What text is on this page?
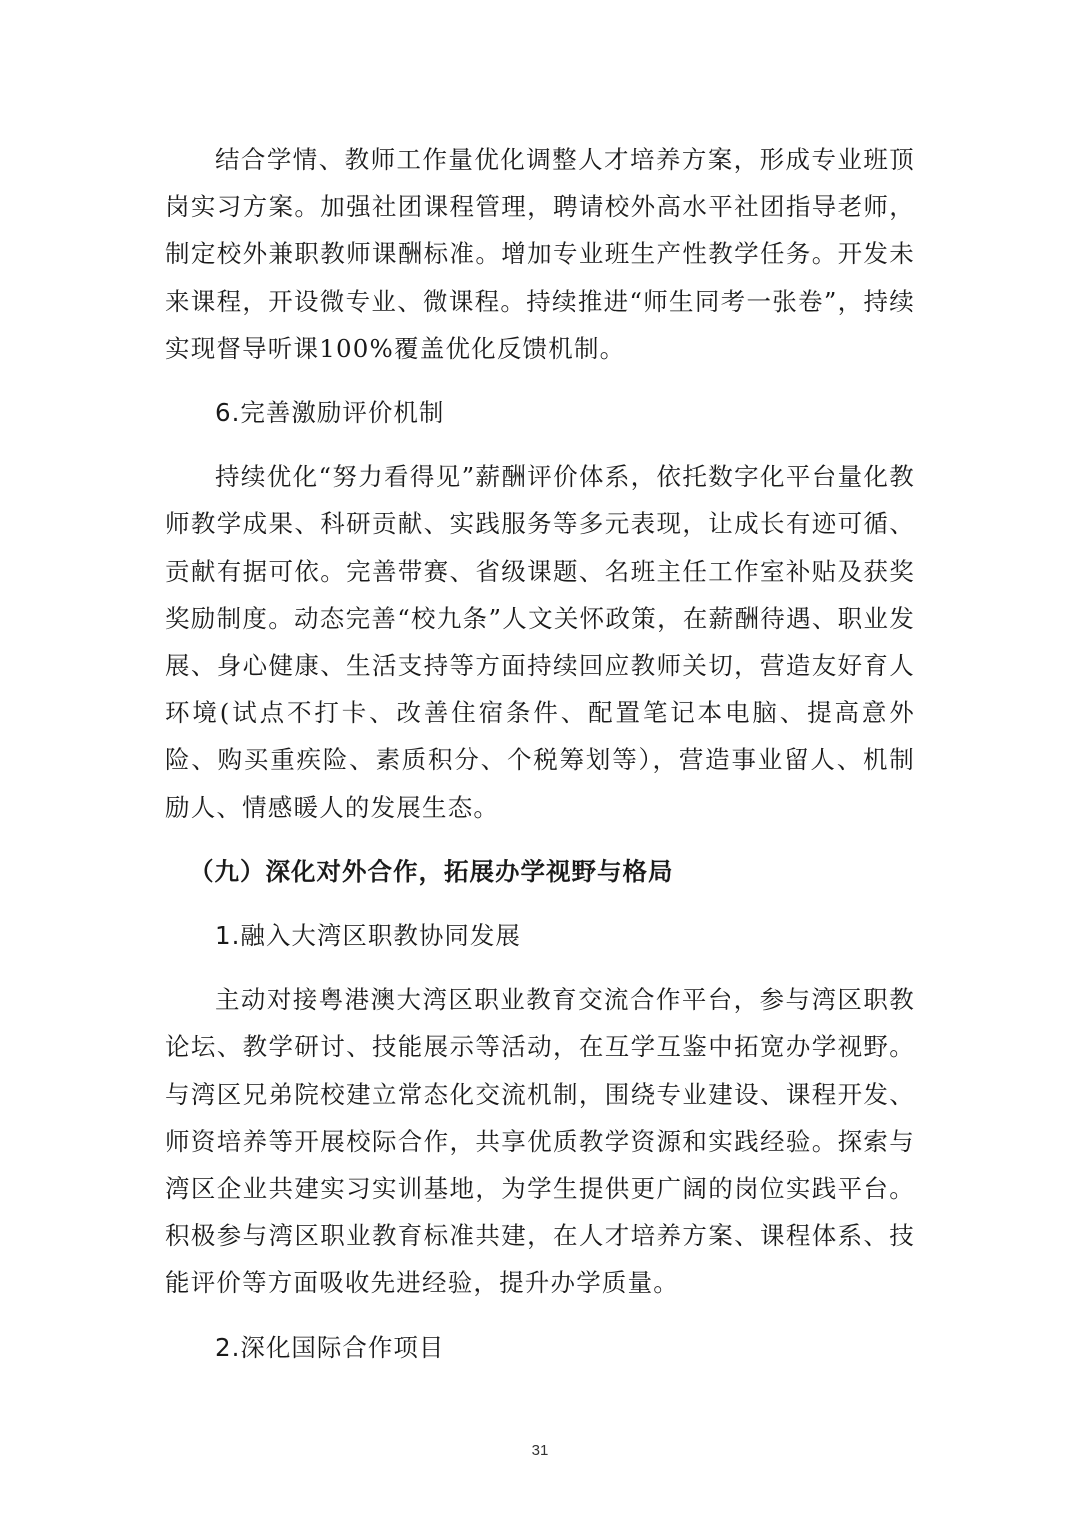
结合学情、教师工作量优化调整人才培养方案，形成专业班顶岗实习方案。加强社团课程管理，聘请校外高水平社团指导老师，制定校外兼职教师课酬标准。增加专业班生产性教学任务。开发未来课程，开设微专业、微课程。持续推进“师生同考一张卷”，持续实现督导听课100%覆盖优化反馈机制。

6.完善激励评价机制

持续优化“努力看得见”薪酬评价体系，依托数字化平台量化教师教学成果、科研贡献、实践服务等多元表现，让成长有迹可循、贡献有据可依。完善带赛、省级课题、名班主任工作室补贴及获奖奖励制度。动态完善“校九条”人文关怀政策，在薪酬待遇、职业发展、身心健康、生活支持等方面持续回应教师关切，营造友好育人环境(试点不打卡、改善住宿条件、配置笔记本电脑、提高意外险、购买重疾险、素质积分、个税筹划等），营造事业留人、机制励人、情感暖人的发展生态。

（九）深化对外合作，拓展办学视野与格局
1.融入大湾区职教协同发展

主动对接粤港澳大湾区职业教育交流合作平台，参与湾区职教论坛、教学研讨、技能展示等活动，在互学互鉴中拓宽办学视野。与湾区兄弟院校建立常态化交流机制，围绕专业建设、课程开发、师资培养等开展校际合作，共享优质教学资源和实践经验。探索与湾区企业共建实习实训基地，为学生提供更广阔的岗位实践平台。积极参与湾区职业教育标准共建，在人才培养方案、课程体系、技能评价等方面吸收先进经验，提升办学质量。

2.深化国际合作项目
31
